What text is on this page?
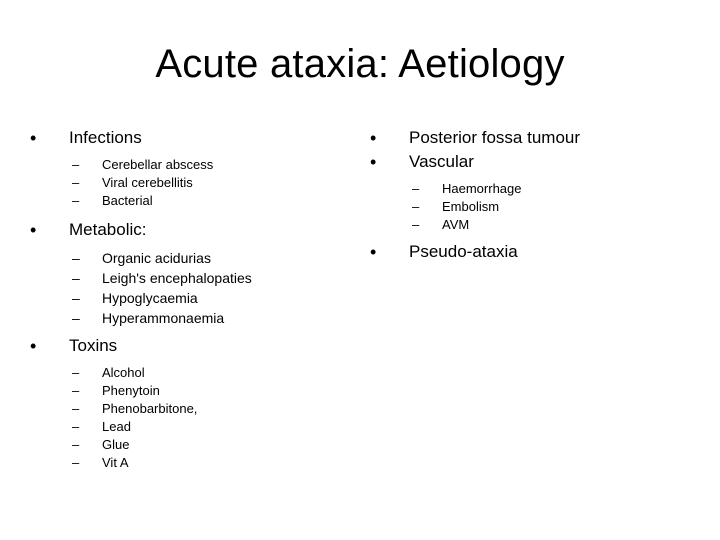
Acute ataxia: Aetiology
• Infections
– Cerebellar abscess
– Viral cerebellitis
– Bacterial
• Metabolic:
– Organic acidurias
– Leigh's encephalopaties
– Hypoglycaemia
– Hyperammonaemia
• Toxins
– Alcohol
– Phenytoin
– Phenobarbitone,
– Lead
– Glue
– Vit A
• Posterior fossa tumour
• Vascular
– Haemorrhage
– Embolism
– AVM
• Pseudo-ataxia
